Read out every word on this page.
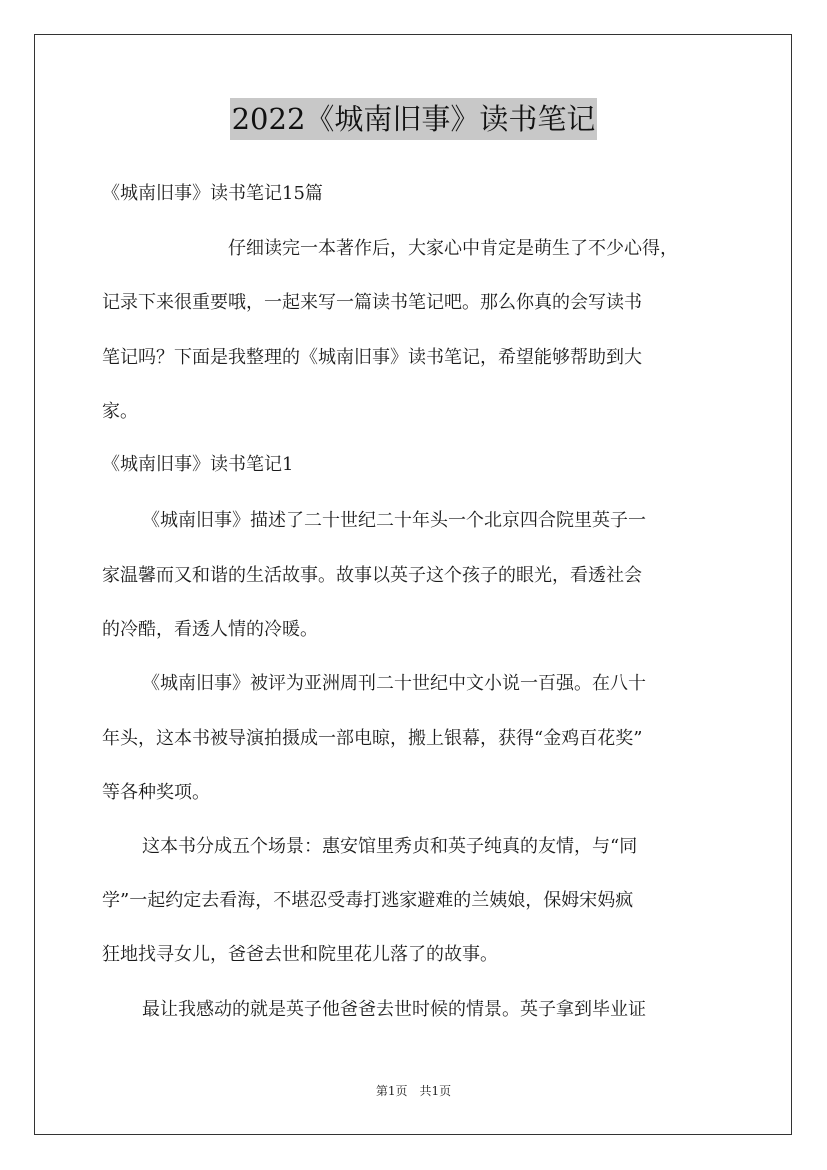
2022《城南旧事》读书笔记
《城南旧事》读书笔记15篇
仔细读完一本著作后，大家心中肯定是萌生了不少心得，
记录下来很重要哦，一起来写一篇读书笔记吧。那么你真的会写读书
笔记吗？下面是我整理的《城南旧事》读书笔记，希望能够帮助到大
家。
《城南旧事》读书笔记1
《城南旧事》描述了二十世纪二十年头一个北京四合院里英子一
家温馨而又和谐的生活故事。故事以英子这个孩子的眼光，看透社会
的冷酷，看透人情的冷暖。
《城南旧事》被评为亚洲周刊二十世纪中文小说一百强。在八十
年头，这本书被导演拍摄成一部电晾，搬上银幕，获得“金鸡百花奖”
等各种奖项。
这本书分成五个场景：惠安馆里秀贞和英子纯真的友情，与“同
学”一起约定去看海，不堪忍受毒打逃家避难的兰姨娘，保姆宋妈疯
狂地找寻女儿，爸爸去世和院里花儿落了的故事。
最让我感动的就是英子他爸爸去世时候的情景。英子拿到毕业证
第1页 共1页
